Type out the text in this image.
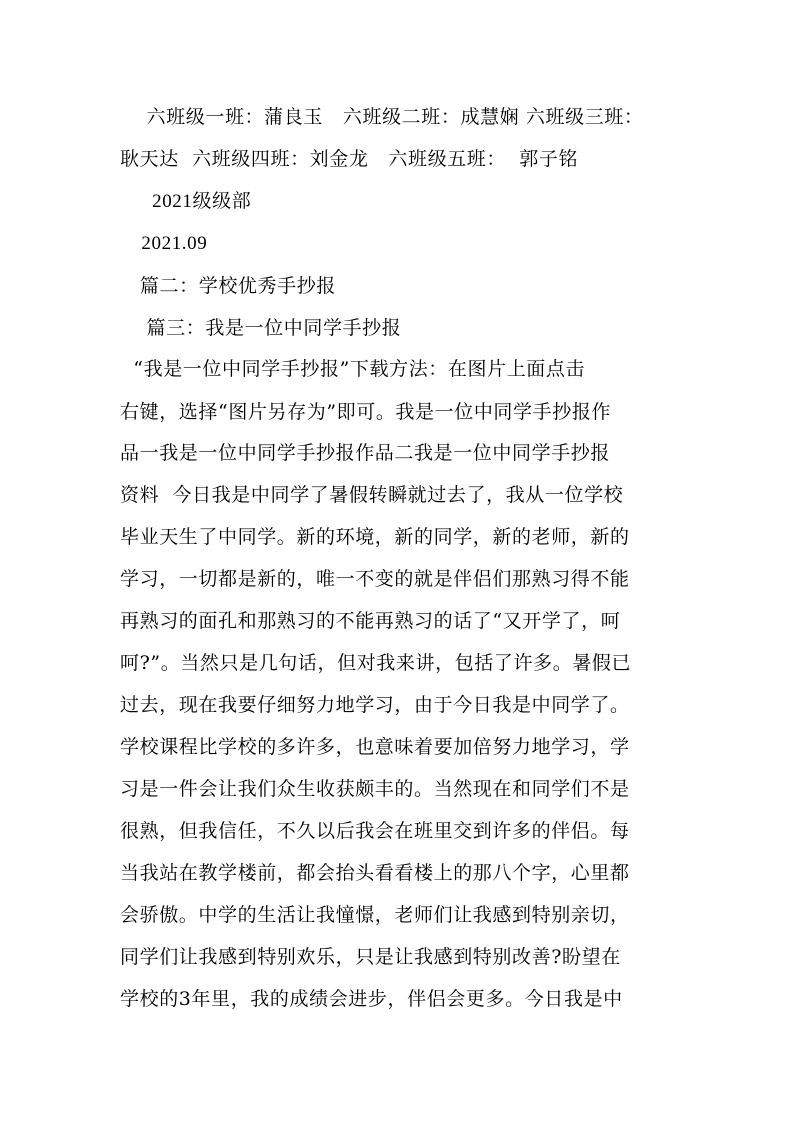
六班级一班：蒲良玉   六班级二班：成慧娴 六班级三班：
耿天达  六班级四班：刘金龙   六班级五班：  郭子铭
2021级级部
2021.09
篇二：学校优秀手抄报
篇三：我是一位中同学手抄报
“我是一位中同学手抄报”下载方法：在图片上面点击
右键，选择“图片另存为”即可。我是一位中同学手抄报作
品一我是一位中同学手抄报作品二我是一位中同学手抄报
资料  今日我是中同学了暑假转瞬就过去了，我从一位学校
毕业天生了中同学。新的环境，新的同学，新的老师，新的
学习，一切都是新的，唯一不变的就是伴侣们那熟习得不能
再熟习的面孔和那熟习的不能再熟习的话了“又开学了，呵
呵?”。当然只是几句话，但对我来讲，包括了许多。暑假已
过去，现在我要仔细努力地学习，由于今日我是中同学了。
学校课程比学校的多许多，也意味着要加倍努力地学习，学
习是一件会让我们众生收获颇丰的。当然现在和同学们不是
很熟，但我信任，不久以后我会在班里交到许多的伴侣。每
当我站在教学楼前，都会抬头看看楼上的那八个字，心里都
会骄傲。中学的生活让我憧憬，老师们让我感到特别亲切，
同学们让我感到特别欢乐，只是让我感到特别改善?盼望在
学校的3年里，我的成绩会进步，伴侣会更多。今日我是中
